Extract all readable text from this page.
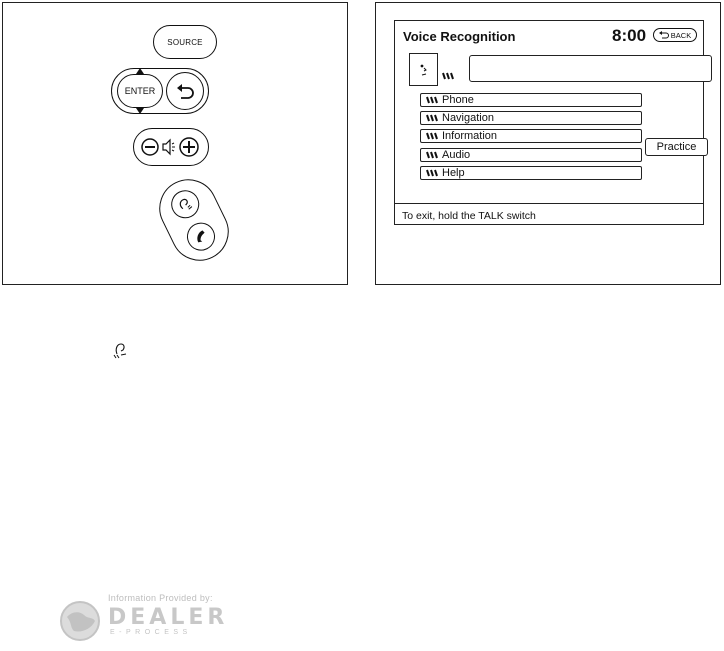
SOURCE
ENTER
Voice Recognition	8:00	BACK
Phone
Navigation
Information
Audio
Help
Practice
To exit, hold the TALK switch
Information Provided by:
DEALER
E-PROCESS
